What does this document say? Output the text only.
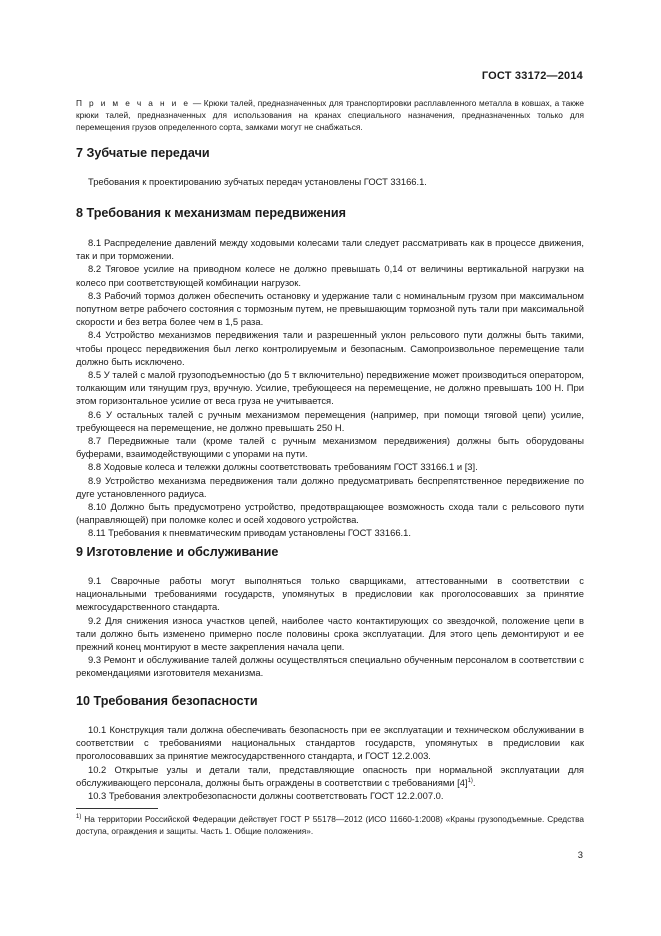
ГОСТ 33172—2014
П р и м е ч а н и е — Крюки талей, предназначенных для транспортировки расплавленного металла в ковшах, а также крюки талей, предназначенных для использования на кранах специального назначения, предназначенных только для перемещения грузов определенного сорта, замками могут не снабжаться.
7 Зубчатые передачи

Требования к проектированию зубчатых передач установлены ГОСТ 33166.1.

8 Требования к механизмам передвижения

8.1 Распределение давлений между ходовыми колесами тали следует рассматривать как в процессе движения, так и при торможении.

8.2 Тяговое усилие на приводном колесе не должно превышать 0,14 от величины вертикальной нагрузки на колесо при соответствующей комбинации нагрузок.

8.3 Рабочий тормоз должен обеспечить остановку и удержание тали с номинальным грузом при максимальном попутном ветре рабочего состояния с тормозным путем, не превышающим тормозной путь тали при максимальной скорости и без ветра более чем в 1,5 раза.

8.4 Устройство механизмов передвижения тали и разрешенный уклон рельсового пути должны быть такими, чтобы процесс передвижения был легко контролируемым и безопасным. Самопроизвольное перемещение тали должно быть исключено.

8.5 У талей с малой грузоподъемностью (до 5 т включительно) передвижение может производиться оператором, толкающим или тянущим груз, вручную. Усилие, требующееся на перемещение, не должно превышать 100 Н. При этом горизонтальное усилие от веса груза не учитывается.

8.6 У остальных талей с ручным механизмом перемещения (например, при помощи тяговой цепи) усилие, требующееся на перемещение, не должно превышать 250 Н.

8.7 Передвижные тали (кроме талей с ручным механизмом передвижения) должны быть оборудованы буферами, взаимодействующими с упорами на пути.

8.8 Ходовые колеса и тележки должны соответствовать требованиям ГОСТ 33166.1 и [3].

8.9 Устройство механизма передвижения тали должно предусматривать беспрепятственное передвижение по дуге установленного радиуса.

8.10 Должно быть предусмотрено устройство, предотвращающее возможность схода тали с рельсового пути (направляющей) при поломке колес и осей ходового устройства.

8.11 Требования к пневматическим приводам установлены ГОСТ 33166.1.

9 Изготовление и обслуживание

9.1 Сварочные работы могут выполняться только сварщиками, аттестованными в соответствии с национальными требованиями государств, упомянутых в предисловии как проголосовавших за принятие межгосударственного стандарта.

9.2 Для снижения износа участков цепей, наиболее часто контактирующих со звездочкой, положение цепи в тали должно быть изменено примерно после половины срока эксплуатации. Для этого цепь демонтируют и ее прежний конец монтируют в месте закрепления начала цепи.

9.3 Ремонт и обслуживание талей должны осуществляться специально обученным персоналом в соответствии с рекомендациями изготовителя механизма.

10 Требования безопасности

10.1 Конструкция тали должна обеспечивать безопасность при ее эксплуатации и техническом обслуживании в соответствии с требованиями национальных стандартов государств, упомянутых в предисловии как проголосовавших за принятие межгосударственного стандарта, и ГОСТ 12.2.003.

10.2 Открытые узлы и детали тали, представляющие опасность при нормальной эксплуатации для обслуживающего персонала, должны быть ограждены в соответствии с требованиями $[4]^{1)}$.

10.3 Требования электробезопасности должны соответствовать ГОСТ 12.2.007.0.

$^{1)}$ На территории Российской Федерации действует ГОСТ Р 55178—2012 (ИСО 11660-1:2008) «Краны грузоподъемные. Средства доступа, ограждения и защиты. Часть 1. Общие положения».
3
